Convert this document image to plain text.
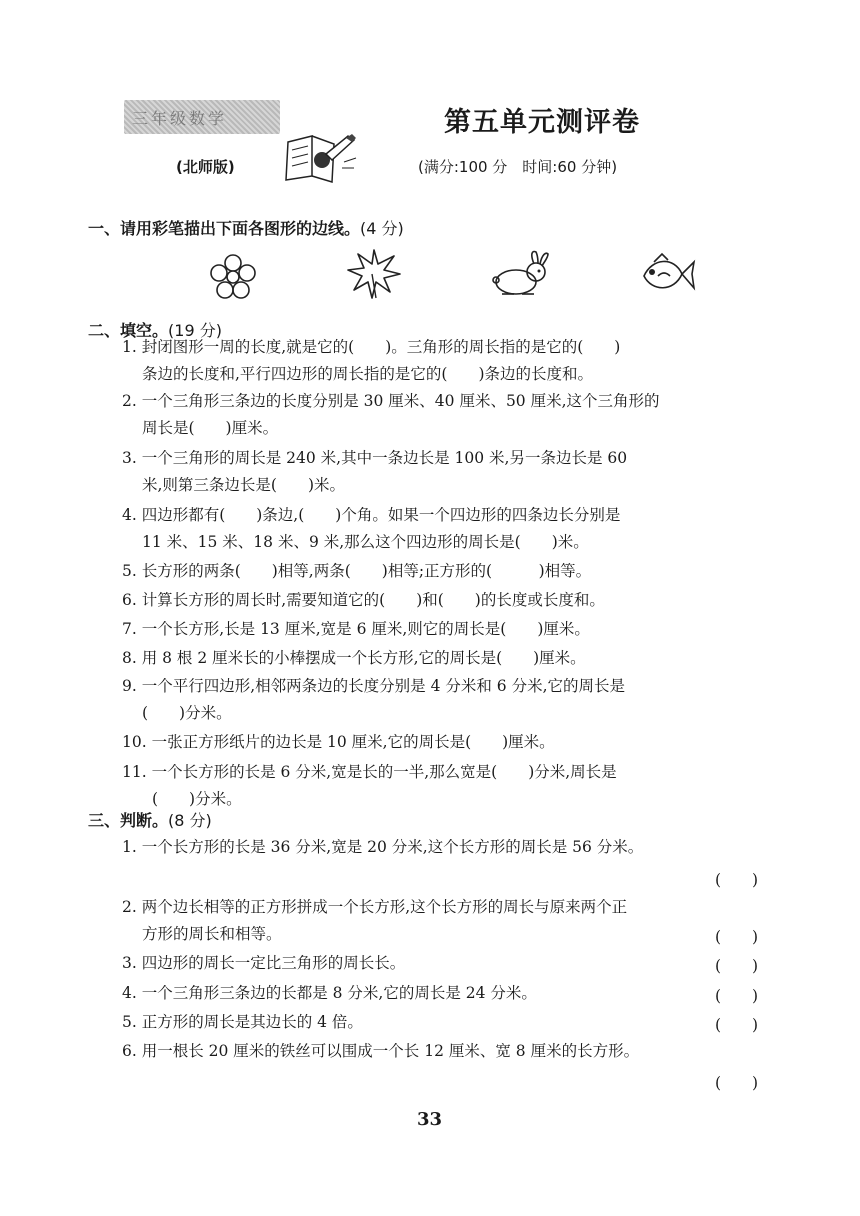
三年级数学
(北师版)
第五单元测评卷
(满分:100 分　时间:60 分钟)
一、请用彩笔描出下面各图形的边线。(4 分)
二、填空。(19 分)
1. 封闭图形一周的长度,就是它的(　　)。三角形的周长指的是它的(　　)
条边的长度和,平行四边形的周长指的是它的(　　)条边的长度和。
2. 一个三角形三条边的长度分别是 30 厘米、40 厘米、50 厘米,这个三角形的
周长是(　　)厘米。
3. 一个三角形的周长是 240 米,其中一条边长是 100 米,另一条边长是 60
米,则第三条边长是(　　)米。
4. 四边形都有(　　)条边,(　　)个角。如果一个四边形的四条边长分别是
11 米、15 米、18 米、9 米,那么这个四边形的周长是(　　)米。
5. 长方形的两条(　　)相等,两条(　　)相等;正方形的(　　　)相等。
6. 计算长方形的周长时,需要知道它的(　　)和(　　)的长度或长度和。
7. 一个长方形,长是 13 厘米,宽是 6 厘米,则它的周长是(　　)厘米。
8. 用 8 根 2 厘米长的小棒摆成一个长方形,它的周长是(　　)厘米。
9. 一个平行四边形,相邻两条边的长度分别是 4 分米和 6 分米,它的周长是
(　　)分米。
10. 一张正方形纸片的边长是 10 厘米,它的周长是(　　)厘米。
11. 一个长方形的长是 6 分米,宽是长的一半,那么宽是(　　)分米,周长是
(　　)分米。
三、判断。(8 分)
1. 一个长方形的长是 36 分米,宽是 20 分米,这个长方形的周长是 56 分米。
(　　)
2. 两个边长相等的正方形拼成一个长方形,这个长方形的周长与原来两个正
方形的周长和相等。	(　　)
3. 四边形的周长一定比三角形的周长长。	(　　)
4. 一个三角形三条边的长都是 8 分米,它的周长是 24 分米。	(　　)
5. 正方形的周长是其边长的 4 倍。	(　　)
6. 用一根长 20 厘米的铁丝可以围成一个长 12 厘米、宽 8 厘米的长方形。
(　　)
33
